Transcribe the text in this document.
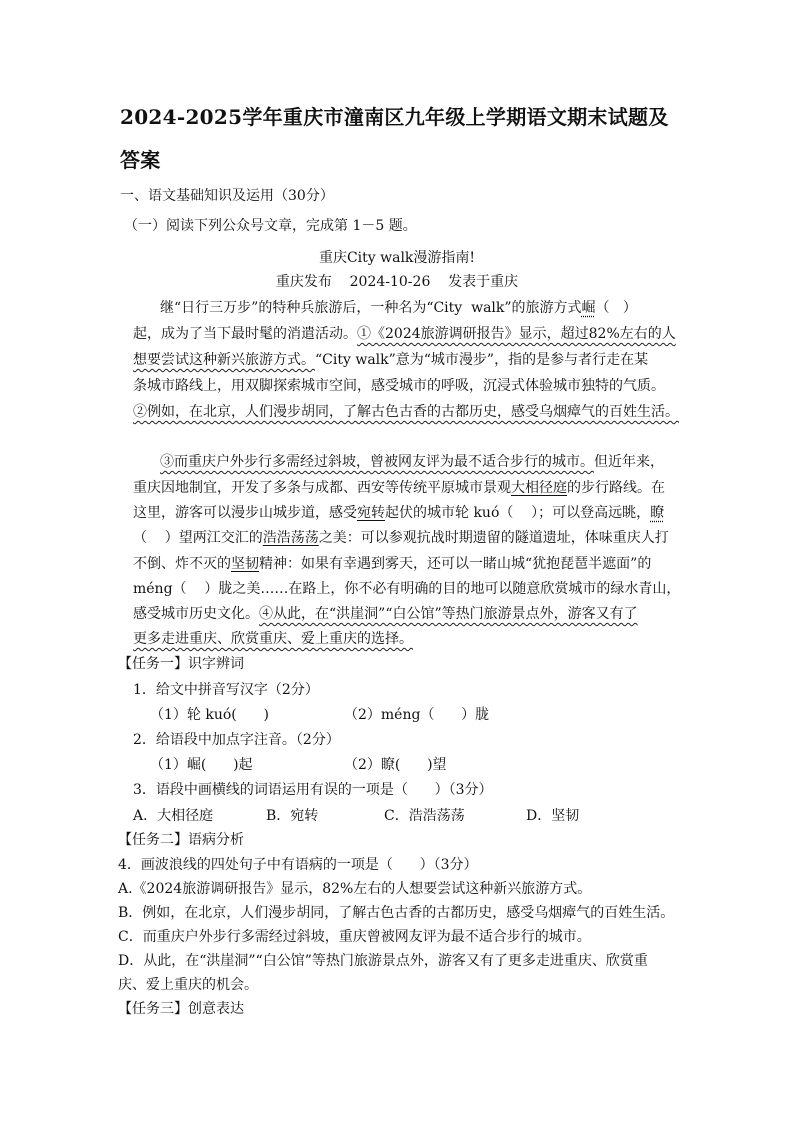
2024-2025学年重庆市潼南区九年级上学期语文期末试题及
答案
一、语文基础知识及运用（30分）
（一）阅读下列公众号文章，完成第 1－5 题。
重庆City walk漫游指南!
重庆发布    2024-10-26    发表于重庆
继“日行三万步”的特种兵旅游后，一种名为“City  walk”的旅游方式崛（   ）
起，成为了当下最时髦的消遣活动。①《2024旅游调研报告》显示，超过82%左右的人
想要尝试这种新兴旅游方式。“City walk”意为“城市漫步”，指的是参与者行走在某
条城市路线上，用双脚探索城市空间，感受城市的呼吸，沉浸式体验城市独特的气质。
②例如，在北京，人们漫步胡同，了解古色古香的古都历史，感受乌烟瘴气的百姓生活。
③而重庆户外步行多需经过斜坡，曾被网友评为最不适合步行的城市。但近年来，
重庆因地制宜，开发了多条与成都、西安等传统平原城市景观大相径庭的步行路线。在
这里，游客可以漫步山城步道，感受宛转起伏的城市轮 kuó（    ）；可以登高远眺，瞭
（    ）望两江交汇的浩浩荡荡之美：可以参观抗战时期遗留的隧道遗址，体味重庆人打
不倒、炸不灭的坚韧精神：如果有幸遇到雾天，还可以一睹山城“犹抱琵琶半遮面”的
méng（    ）胧之美……在路上，你不必有明确的目的地可以随意欣赏城市的绿水青山，
感受城市历史文化。④从此，在“洪崖洞”“白公馆”等热门旅游景点外，游客又有了
更多走进重庆、欣赏重庆、爱上重庆的选择。
【任务一】识字辨词
1．给文中拼音写汉字（2分）
（1）轮 kuó(      )	（2）méng（      ）胧
2．给语段中加点字注音。（2分）
（1）崛(      )起	（2）瞭(      )望
3．语段中画横线的词语运用有误的一项是（      ）（3分）
A．大相径庭	B．宛转	C．浩浩荡荡	D．坚韧
【任务二】语病分析
4．画波浪线的四处句子中有语病的一项是（      ）（3分）
A.《2024旅游调研报告》显示，82%左右的人想要尝试这种新兴旅游方式。
B．例如，在北京，人们漫步胡同，了解古色古香的古都历史，感受乌烟瘴气的百姓生活。
C．而重庆户外步行多需经过斜坡，重庆曾被网友评为最不适合步行的城市。
D．从此，在“洪崖洞”“白公馆”等热门旅游景点外，游客又有了更多走进重庆、欣赏重
庆、爱上重庆的机会。
【任务三】创意表达
